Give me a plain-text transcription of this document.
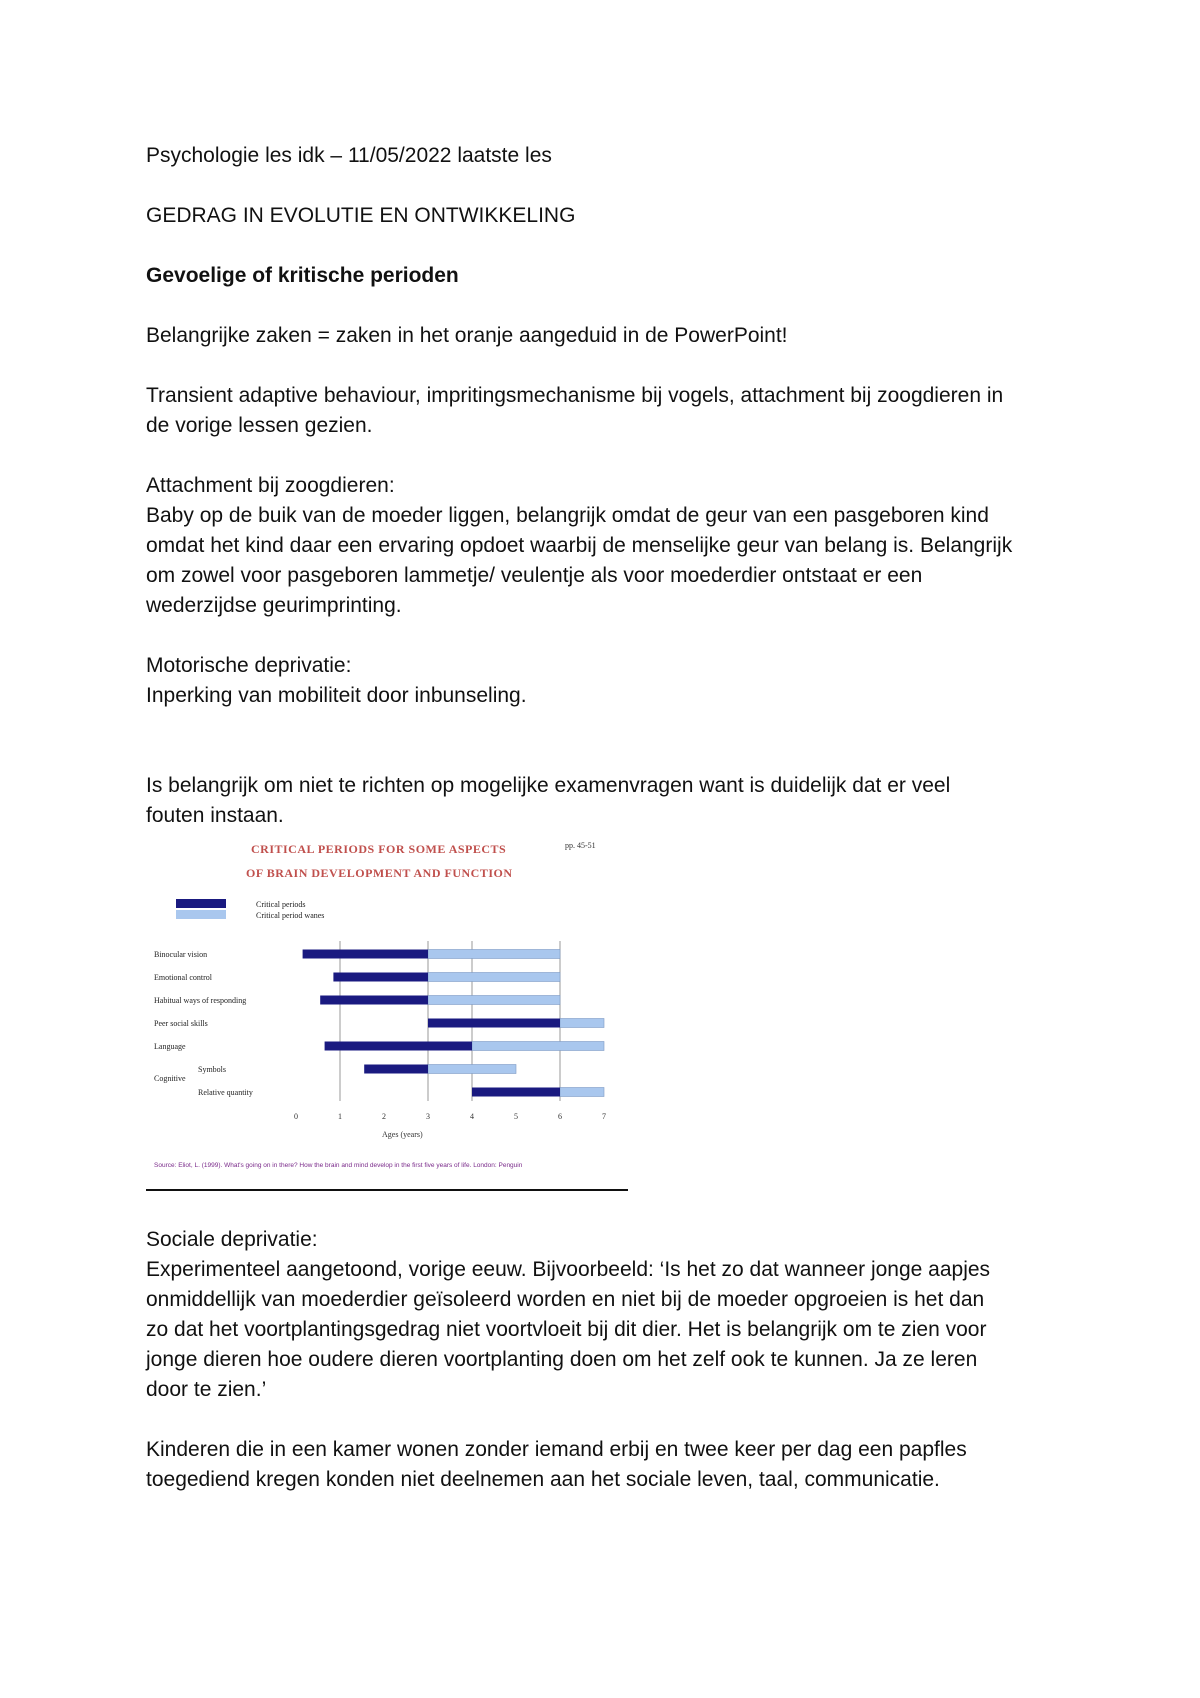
Psychologie les idk – 11/05/2022 laatste les

GEDRAG IN EVOLUTIE EN ONTWIKKELING

Gevoelige of kritische perioden

Belangrijke zaken = zaken in het oranje aangeduid in de PowerPoint!

Transient adaptive behaviour, impritingsmechanisme bij vogels, attachment bij zoogdieren in

de vorige lessen gezien.

Attachment bij zoogdieren:

Baby op de buik van de moeder liggen, belangrijk omdat de geur van een pasgeboren kind

omdat het kind daar een ervaring opdoet waarbij de menselijke geur van belang is. Belangrijk

om zowel voor pasgeboren lammetje/ veulentje als voor moederdier ontstaat er een

wederzijdse geurimprinting.

Motorische deprivatie:

Inperking van mobiliteit door inbunseling.

Is belangrijk om niet te richten op mogelijke examenvragen want is duidelijk dat er veel

fouten instaan.

CRITICAL PERIODS FOR SOME ASPECTS
OF BRAIN DEVELOPMENT AND FUNCTION
pp. 45-51
Critical periods
Critical period wanes
Binocular vision
Emotional control
Habitual ways of responding
Peer social skills
Language
Symbols
Relative quantity
Cognitive
0	1	2	3	4	5	6	7
Ages (years)
Source: Eliot, L. (1999). What's going on in there? How the brain and mind develop in the first five years of life. London: Penguin

Sociale deprivatie:

Experimenteel aangetoond, vorige eeuw. Bijvoorbeeld: ‘Is het zo dat wanneer jonge aapjes

onmiddellijk van moederdier geïsoleerd worden en niet bij de moeder opgroeien is het dan

zo dat het voortplantingsgedrag niet voortvloeit bij dit dier. Het is belangrijk om te zien voor

jonge dieren hoe oudere dieren voortplanting doen om het zelf ook te kunnen. Ja ze leren

door te zien.’

Kinderen die in een kamer wonen zonder iemand erbij en twee keer per dag een papfles

toegediend kregen konden niet deelnemen aan het sociale leven, taal, communicatie.
